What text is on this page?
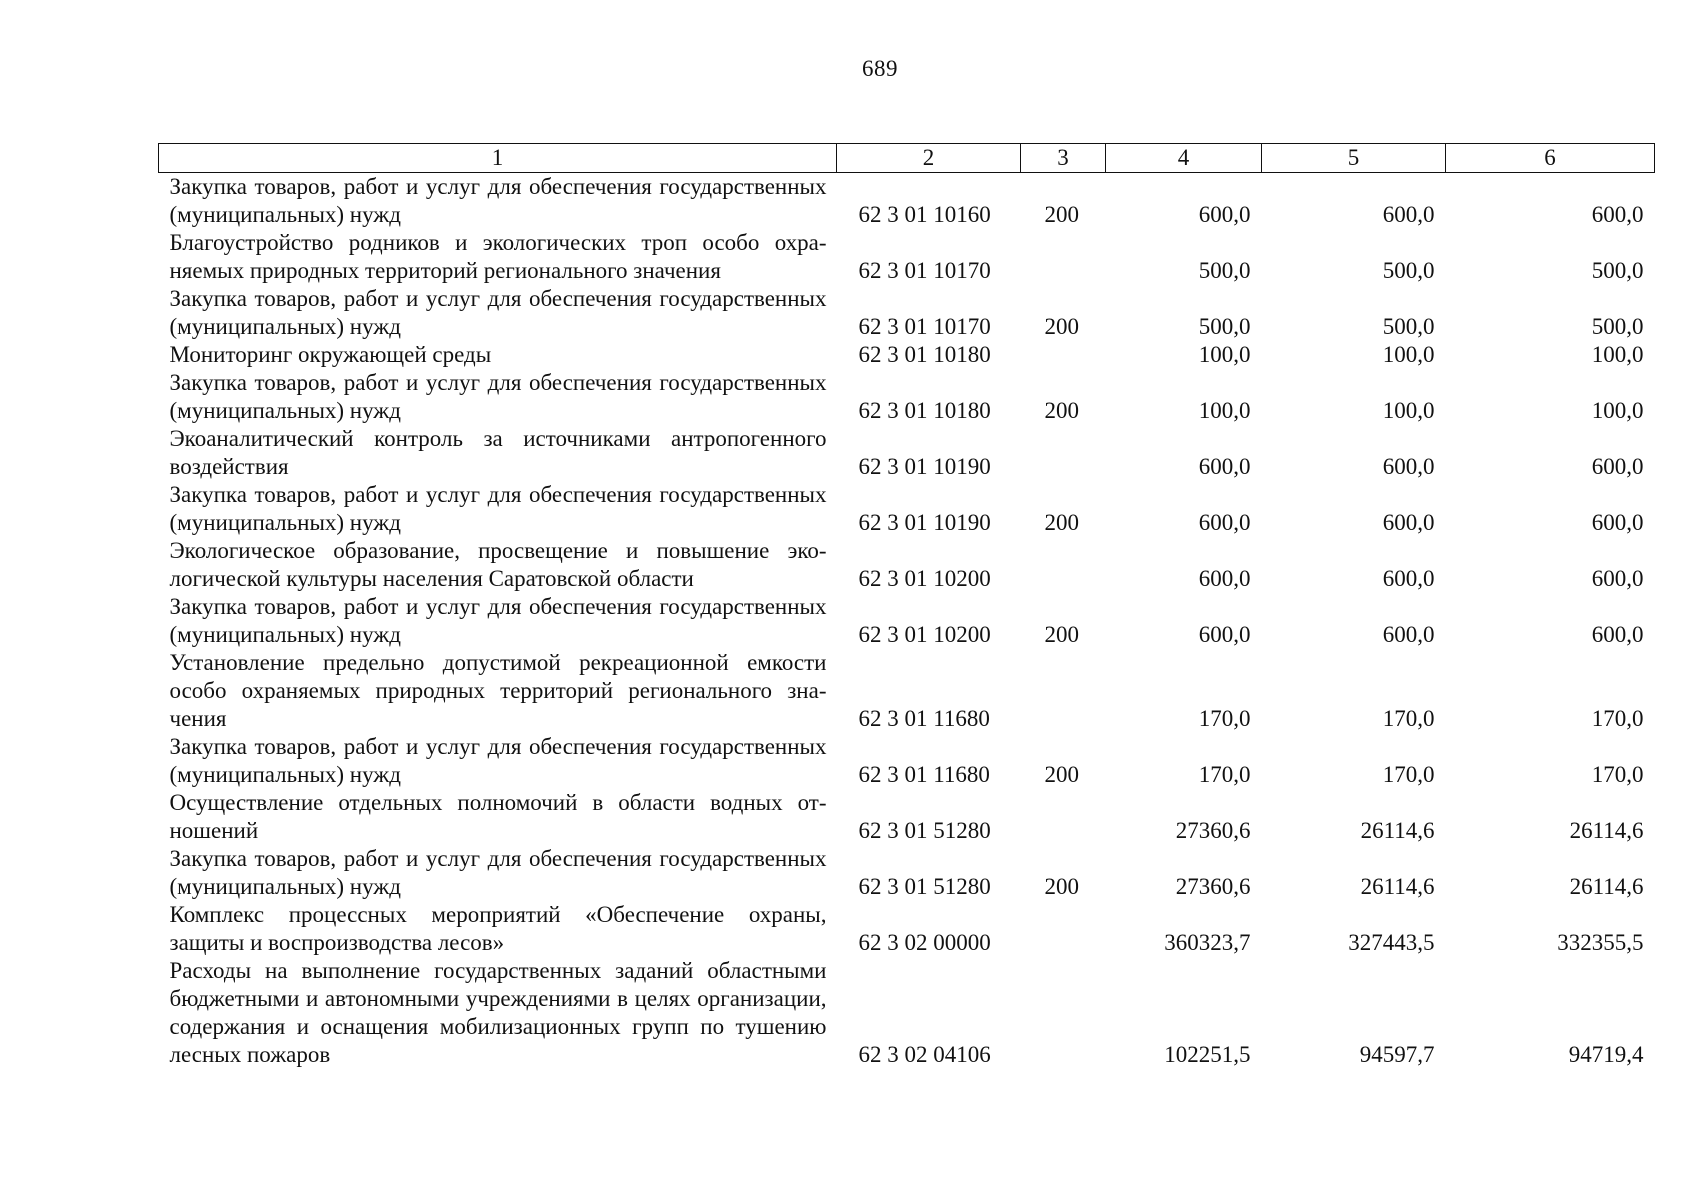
689
1	2	3	4	5	6
Закупка товаров, работ и услуг для обеспечения государственных (муниципальных) нужд	62 3 01 10160	200	600,0	600,0	600,0
Благоустройство родников и экологических троп особо охраняемых природных территорий регионального значения	62 3 01 10170		500,0	500,0	500,0
Закупка товаров, работ и услуг для обеспечения государственных (муниципальных) нужд	62 3 01 10170	200	500,0	500,0	500,0
Мониторинг окружающей среды	62 3 01 10180		100,0	100,0	100,0
Закупка товаров, работ и услуг для обеспечения государственных (муниципальных) нужд	62 3 01 10180	200	100,0	100,0	100,0
Экоаналитический контроль за источниками антропогенного воздействия	62 3 01 10190		600,0	600,0	600,0
Закупка товаров, работ и услуг для обеспечения государственных (муниципальных) нужд	62 3 01 10190	200	600,0	600,0	600,0
Экологическое образование, просвещение и повышение экологической культуры населения Саратовской области	62 3 01 10200		600,0	600,0	600,0
Закупка товаров, работ и услуг для обеспечения государственных (муниципальных) нужд	62 3 01 10200	200	600,0	600,0	600,0
Установление предельно допустимой рекреационной емкости особо охраняемых природных территорий регионального значения	62 3 01 11680		170,0	170,0	170,0
Закупка товаров, работ и услуг для обеспечения государственных (муниципальных) нужд	62 3 01 11680	200	170,0	170,0	170,0
Осуществление отдельных полномочий в области водных отношений	62 3 01 51280		27360,6	26114,6	26114,6
Закупка товаров, работ и услуг для обеспечения государственных (муниципальных) нужд	62 3 01 51280	200	27360,6	26114,6	26114,6
Комплекс процессных мероприятий «Обеспечение охраны, защиты и воспроизводства лесов»	62 3 02 00000		360323,7	327443,5	332355,5
Расходы на выполнение государственных заданий областными бюджетными и автономными учреждениями в целях организации, содержания и оснащения мобилизационных групп по тушению лесных пожаров	62 3 02 04106		102251,5	94597,7	94719,4
